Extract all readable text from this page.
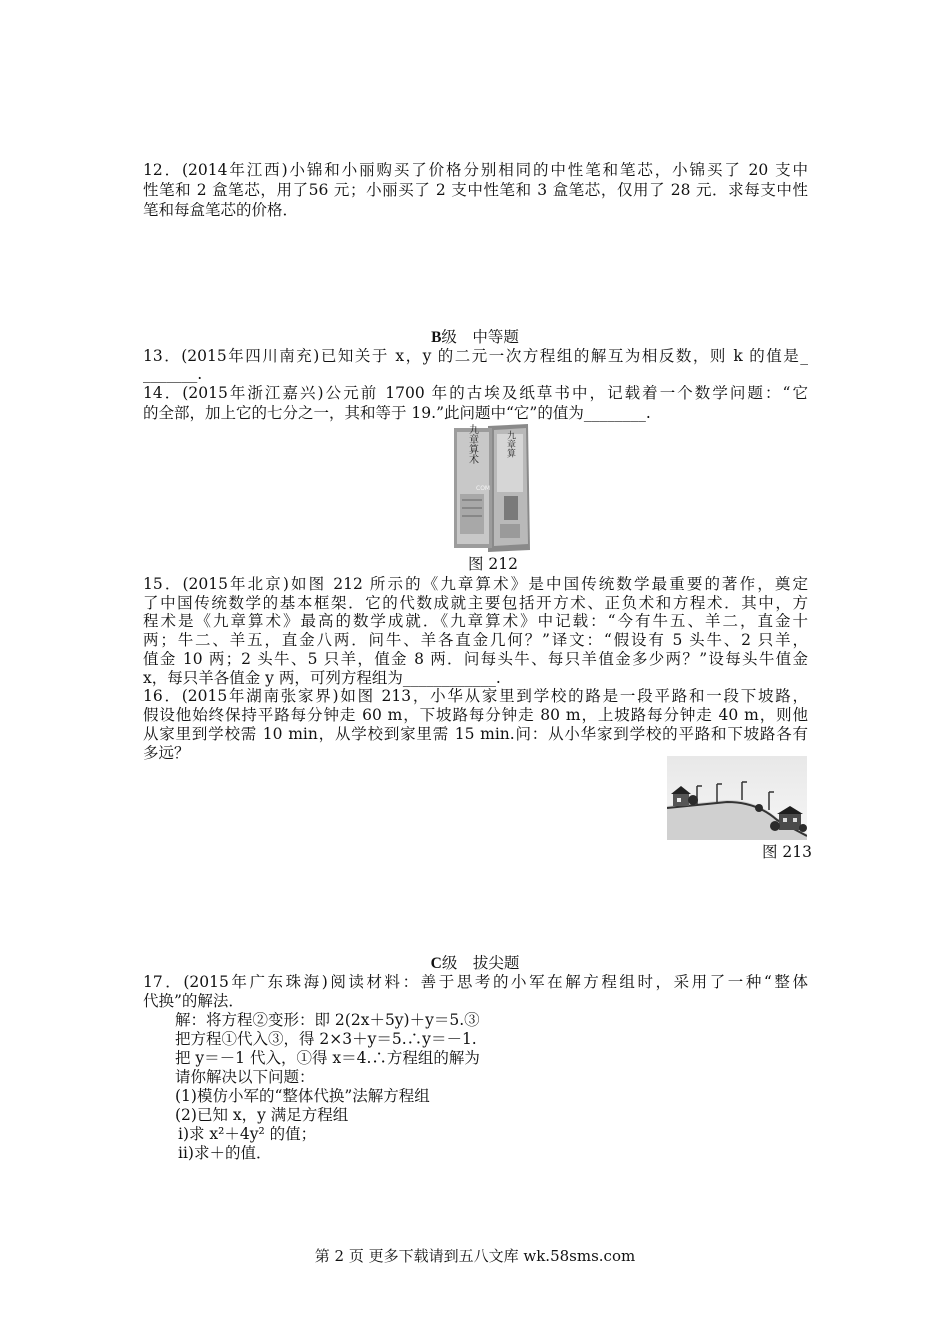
12．(2014年江西)小锦和小丽购买了价格分别相同的中性笔和笔芯，小锦买了 20 支中
性笔和 2 盒笔芯，用了56 元；小丽买了 2 支中性笔和 3 盒笔芯，仅用了 28 元．求每支中性
笔和每盒笔芯的价格．
B级　中等题
13．(2015年四川南充)已知关于 x，y 的二元一次方程组的解互为相反数，则 k 的值是_
_______.
14．(2015年浙江嘉兴)公元前 1700 年的古埃及纸草书中，记载着一个数学问题：“它
的全部，加上它的七分之一，其和等于 19.”此问题中“它”的值为________.
九章算
九章算术
COM
图 212
15．(2015年北京)如图 212 所示的《九章算术》是中国传统数学最重要的著作，奠定
了中国传统数学的基本框架．它的代数成就主要包括开方术、正负术和方程术．其中，方
程术是《九章算术》最高的数学成就．《九章算术》中记载：“今有牛五、羊二，直金十
两；牛二、羊五，直金八两．问牛、羊各直金几何？”译文：“假设有 5 头牛、2 只羊，
值金 10 两；2 头牛、5 只羊，值金 8 两．问每头牛、每只羊值金多少两？”设每头牛值金
x，每只羊各值金 y 两，可列方程组为____________.
16．(2015年湖南张家界)如图 213，小华从家里到学校的路是一段平路和一段下坡路，
假设他始终保持平路每分钟走 60 m，下坡路每分钟走 80 m，上坡路每分钟走 40 m，则他
从家里到学校需 10 min，从学校到家里需 15 min.问：从小华家到学校的平路和下坡路各有
多远？
图 213
C级　拔尖题
17．(2015年广东珠海)阅读材料：善于思考的小军在解方程组时，采用了一种“整体
代换”的解法．
解：将方程②变形：即 2(2x＋5y)＋y＝5.③
把方程①代入③，得 2×3＋y＝5.∴y＝－1.
把 y＝－1 代入，①得 x＝4.∴方程组的解为
请你解决以下问题：
(1)模仿小军的“整体代换”法解方程组
(2)已知 x，y 满足方程组
ⅰ)求 x²＋4y² 的值；
ⅱ)求＋的值．
第 2 页 更多下载请到五八文库 wk.58sms.com
